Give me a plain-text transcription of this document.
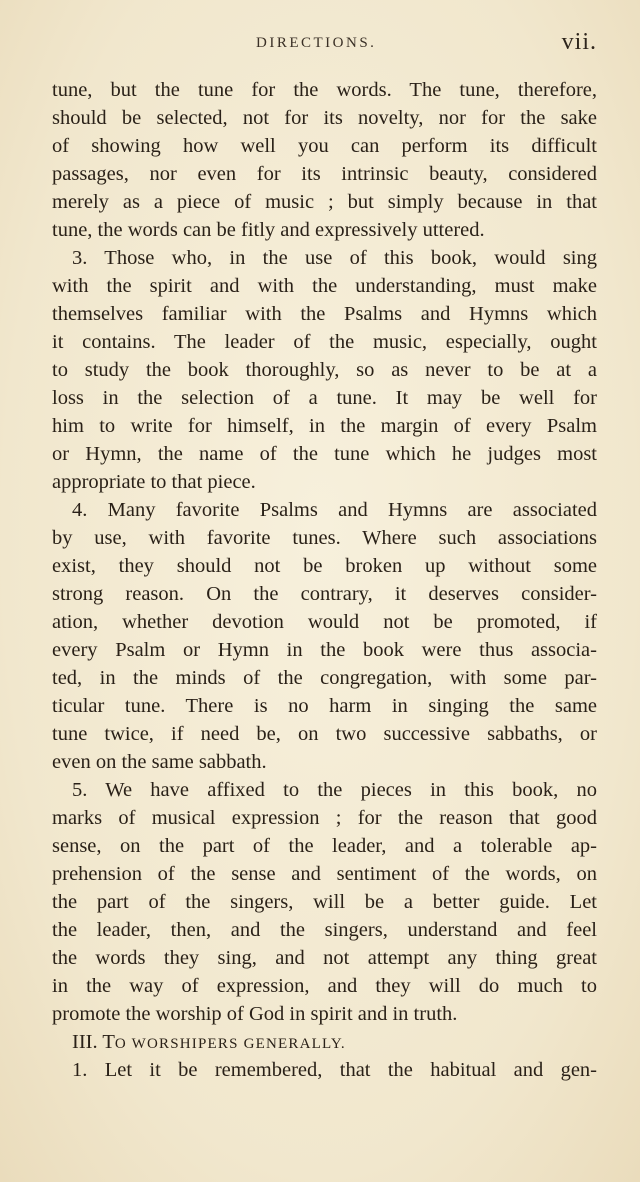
DIRECTIONS.	vii.
tune, but the tune for the words. The tune, therefore,
should be selected, not for its novelty, nor for the sake
of showing how well you can perform its difficult
passages, nor even for its intrinsic beauty, considered
merely as a piece of music ; but simply because in that
tune, the words can be fitly and expressively uttered.
3. Those who, in the use of this book, would sing
with the spirit and with the understanding, must make
themselves familiar with the Psalms and Hymns which
it contains. The leader of the music, especially, ought
to study the book thoroughly, so as never to be at a
loss in the selection of a tune. It may be well for
him to write for himself, in the margin of every Psalm
or Hymn, the name of the tune which he judges most
appropriate to that piece.
4. Many favorite Psalms and Hymns are associated
by use, with favorite tunes. Where such associations
exist, they should not be broken up without some
strong reason. On the contrary, it deserves consider-
ation, whether devotion would not be promoted, if
every Psalm or Hymn in the book were thus associa-
ted, in the minds of the congregation, with some par-
ticular tune. There is no harm in singing the same
tune twice, if need be, on two successive sabbaths, or
even on the same sabbath.
5. We have affixed to the pieces in this book, no
marks of musical expression ; for the reason that good
sense, on the part of the leader, and a tolerable ap-
prehension of the sense and sentiment of the words, on
the part of the singers, will be a better guide. Let
the leader, then, and the singers, understand and feel
the words they sing, and not attempt any thing great
in the way of expression, and they will do much to
promote the worship of God in spirit and in truth.
III. TO WORSHIPERS GENERALLY.
1. Let it be remembered, that the habitual and gen-
